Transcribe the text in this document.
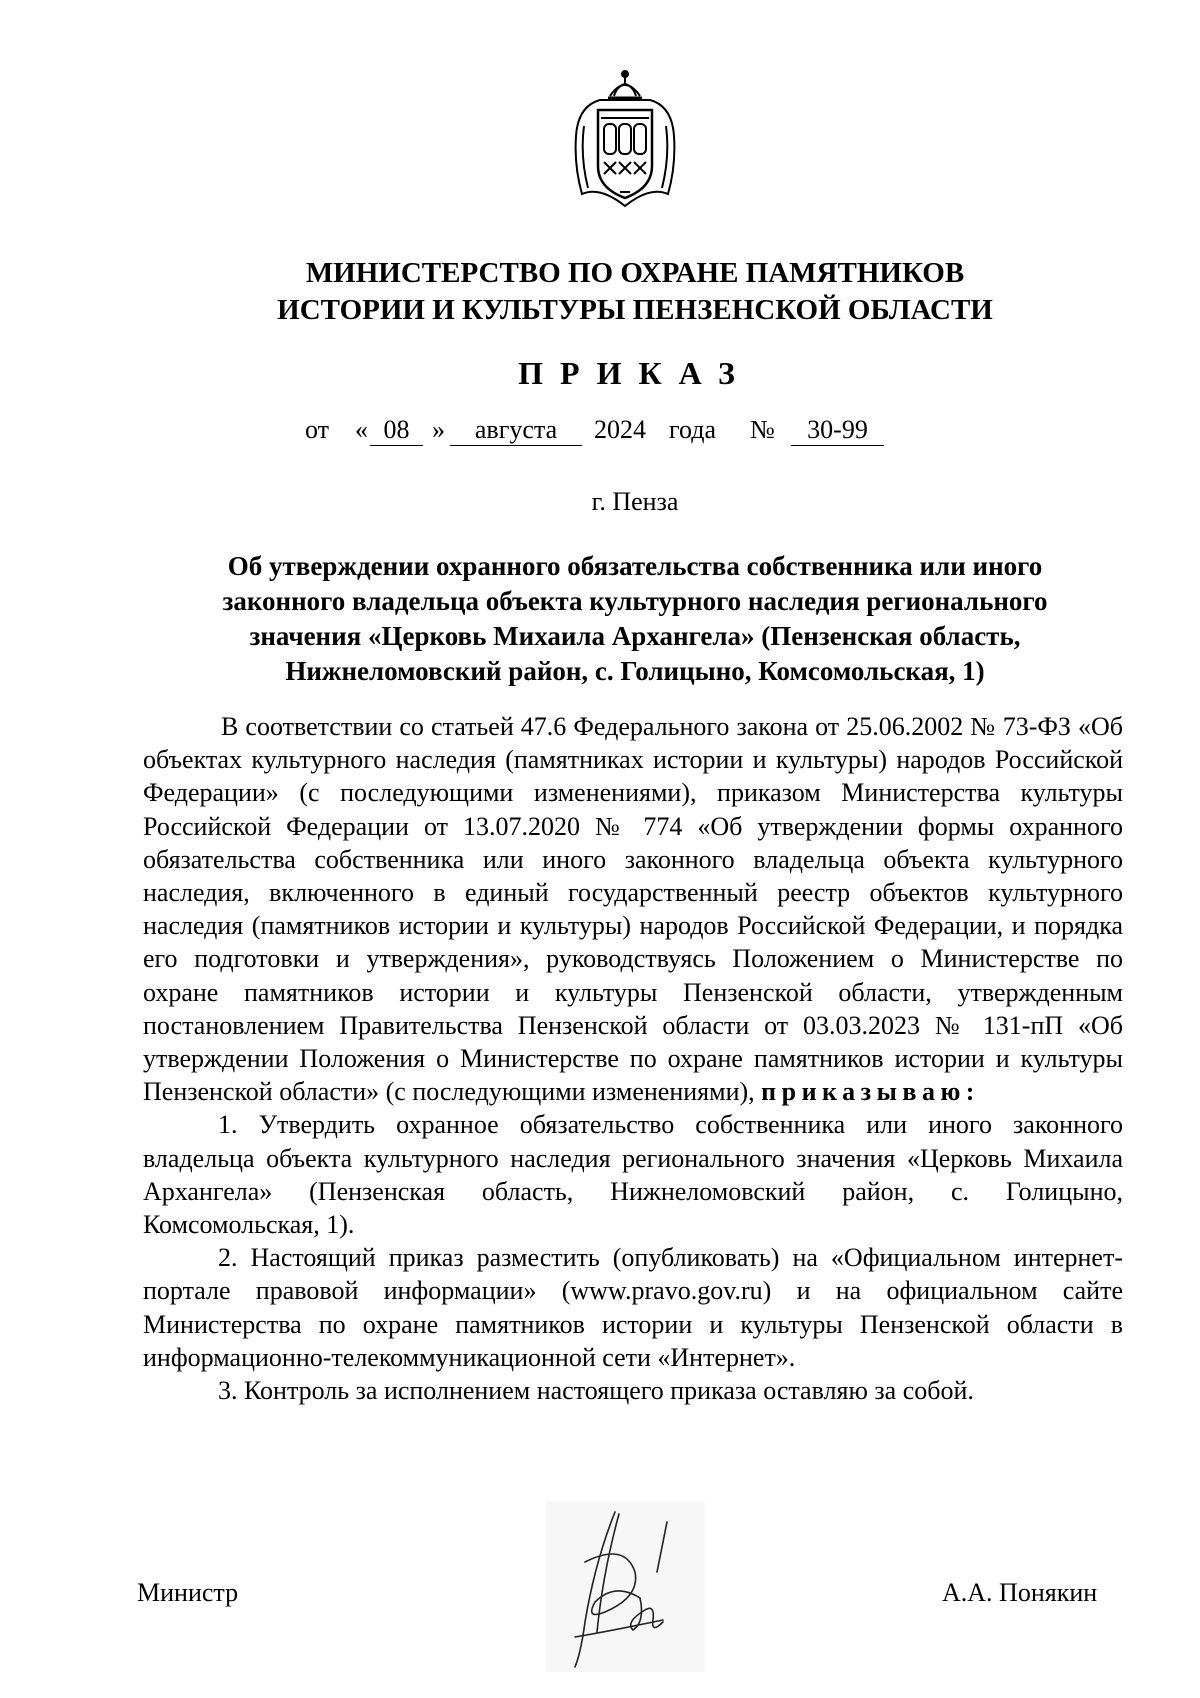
МИНИСТЕРСТВО ПО ОХРАНЕ ПАМЯТНИКОВ
ИСТОРИИ И КУЛЬТУРЫ ПЕНЗЕНСКОЙ ОБЛАСТИ
ПРИКАЗ
от « 08 »	августа	2024 года №	30-99
г. Пенза
Об утверждении охранного обязательства собственника или иного законного владельца объекта культурного наследия регионального значения «Церковь Михаила Архангела» (Пензенская область, Нижнеломовский район, с. Голицыно, Комсомольская, 1)

В соответствии со статьей 47.6 Федерального закона от 25.06.2002 № 73-ФЗ «Об объектах культурного наследия (памятниках истории и культуры) народов Российской Федерации» (с последующими изменениями), приказом Министерства культуры Российской Федерации от 13.07.2020 № 774 «Об утверждении формы охранного обязательства собственника или иного законного владельца объекта культурного наследия, включенного в единый государственный реестр объектов культурного наследия (памятников истории и культуры) народов Российской Федерации, и порядка его подготовки и утверждения», руководствуясь Положением о Министерстве по охране памятников истории и культуры Пензенской области, утвержденным постановлением Правительства Пензенской области от 03.03.2023 № 131-пП «Об утверждении Положения о Министерстве по охране памятников истории и культуры Пензенской области» (с последующими изменениями), приказываю:

1. Утвердить охранное обязательство собственника или иного законного владельца объекта культурного наследия регионального значения «Церковь Михаила Архангела» (Пензенская область, Нижнеломовский район, с. Голицыно, Комсомольская, 1).

2. Настоящий приказ разместить (опубликовать) на «Официальном интернет-портале правовой информации» (www.pravo.gov.ru) и на официальном сайте Министерства по охране памятников истории и культуры Пензенской области в информационно-телекоммуникационной сети «Интернет».

3. Контроль за исполнением настоящего приказа оставляю за собой.

Министр	А.А. Понякин
